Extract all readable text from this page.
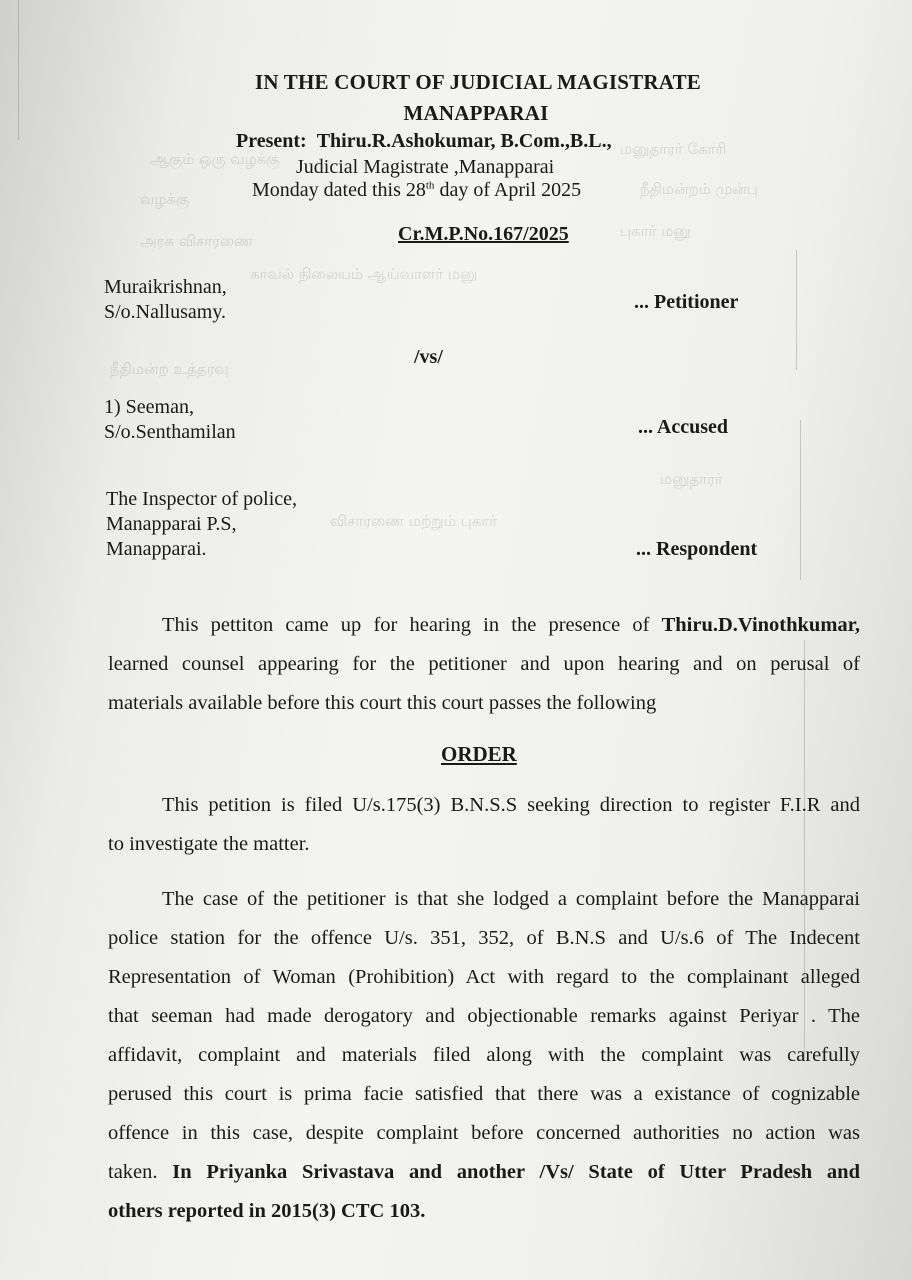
ஆகும் ஒரு வழக்கு
மனுதாரர் கோரி
வழக்கு
நீதிமன்றம் முன்பு
அரசு விசாரணை
புகார் மனு
காவல் நிலையம் ஆய்வாளர் மனு
நீதிமன்ற உத்தரவு
விசாரணை மற்றும் புகார்
மனுதாரர்
IN THE COURT OF JUDICIAL MAGISTRATE
MANAPPARAI
Present: Thiru.R.Ashokumar, B.Com.,B.L.,
Judicial Magistrate ,Manapparai
Monday dated this 28th day of April 2025
Cr.M.P.No.167/2025
Muraikrishnan,
S/o.Nallusamy.	... Petitioner
/vs/
1) Seeman,
S/o.Senthamilan	... Accused
The Inspector of police,
Manapparai P.S,
Manapparai.	... Respondent
This pettiton came up for hearing in the presence of Thiru.D.Vinothkumar,
learned counsel appearing for the petitioner and upon hearing and on perusal of
materials available before this court this court passes the following
ORDER
This petition is filed U/s.175(3) B.N.S.S seeking direction to register F.I.R and
to investigate the matter.
The case of the petitioner is that she lodged a complaint before the Manapparai
police station for the offence U/s. 351, 352, of B.N.S and U/s.6 of The Indecent
Representation of Woman (Prohibition) Act with regard to the complainant alleged
that seeman had made derogatory and objectionable remarks against Periyar . The
affidavit, complaint and materials filed along with the complaint was carefully
perused this court is prima facie satisfied that there was a existance of cognizable
offence in this case, despite complaint before concerned authorities no action was
taken. In Priyanka Srivastava and another /Vs/ State of Utter Pradesh and
others reported in 2015(3) CTC 103.
